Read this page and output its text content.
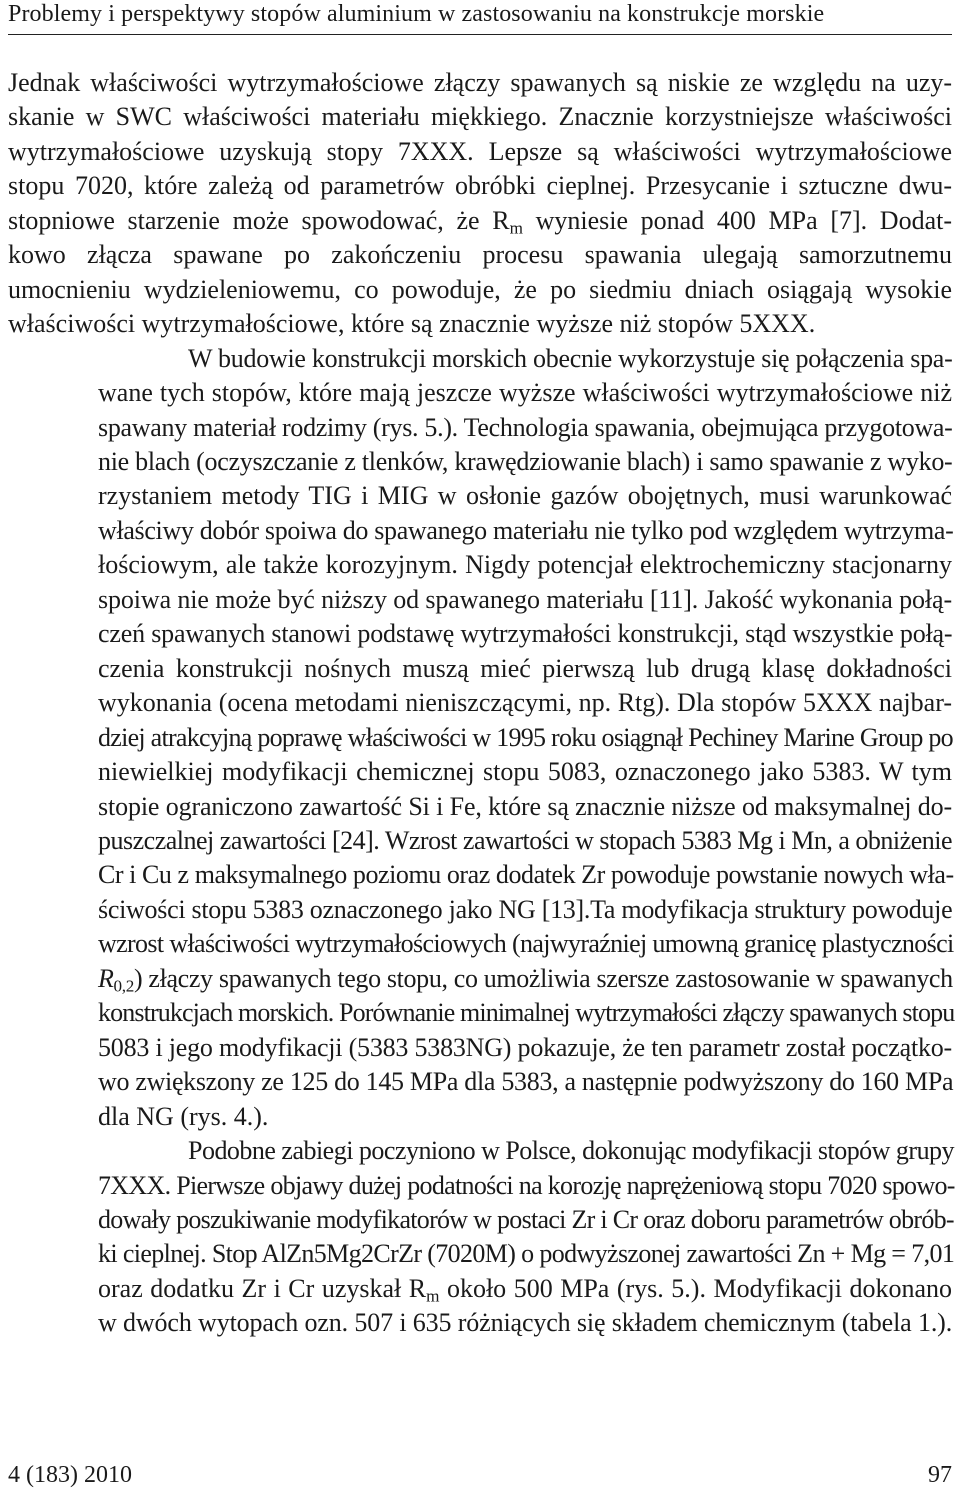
Problemy i perspektywy stopów aluminium w zastosowaniu na konstrukcje morskie

Jednak właściwości wytrzymałościowe złączy spawanych są niskie ze względu na uzy-
skanie w SWC właściwości materiału miękkiego. Znacznie korzystniejsze właściwości
wytrzymałościowe uzyskują stopy 7XXX. Lepsze są właściwości wytrzymałościowe
stopu 7020, które zależą od parametrów obróbki cieplnej. Przesycanie i sztuczne dwu-
stopniowe starzenie może spowodować, że $R_m$ wyniesie ponad 400 MPa [7]. Dodat-
kowo złącza spawane po zakończeniu procesu spawania ulegają samorzutnemu
umocnieniu wydzieleniowemu, co powoduje, że po siedmiu dniach osiągają wysokie
właściwości wytrzymałościowe, które są znacznie wyższe niż stopów 5XXX.

W budowie konstrukcji morskich obecnie wykorzystuje się połączenia spa-
wane tych stopów, które mają jeszcze wyższe właściwości wytrzymałościowe niż
spawany materiał rodzimy (rys. 5.). Technologia spawania, obejmująca przygotowa-
nie blach (oczyszczanie z tlenków, krawędziowanie blach) i samo spawanie z wyko-
rzystaniem metody TIG i MIG w osłonie gazów obojętnych, musi warunkować
właściwy dobór spoiwa do spawanego materiału nie tylko pod względem wytrzyma-
łościowym, ale także korozyjnym. Nigdy potencjał elektrochemiczny stacjonarny
spoiwa nie może być niższy od spawanego materiału [11]. Jakość wykonania połą-
czeń spawanych stanowi podstawę wytrzymałości konstrukcji, stąd wszystkie połą-
czenia konstrukcji nośnych muszą mieć pierwszą lub drugą klasę dokładności
wykonania (ocena metodami nieniszczącymi, np. Rtg). Dla stopów 5XXX najbar-
dziej atrakcyjną poprawę właściwości w 1995 roku osiągnął Pechiney Marine Group po
niewielkiej modyfikacji chemicznej stopu 5083, oznaczonego jako 5383. W tym
stopie ograniczono zawartość Si i Fe, które są znacznie niższe od maksymalnej do-
puszczalnej zawartości [24]. Wzrost zawartości w stopach 5383 Mg i Mn, a obniżenie
Cr i Cu z maksymalnego poziomu oraz dodatek Zr powoduje powstanie nowych wła-
ściwości stopu 5383 oznaczonego jako NG [13].Ta modyfikacja struktury powoduje
wzrost właściwości wytrzymałościowych (najwyraźniej umowną granicę plastyczności
$R_{0,2}$) złączy spawanych tego stopu, co umożliwia szersze zastosowanie w spawanych
konstrukcjach morskich. Porównanie minimalnej wytrzymałości złączy spawanych stopu
5083 i jego modyfikacji (5383 5383NG) pokazuje, że ten parametr został początko-
wo zwiększony ze 125 do 145 MPa dla 5383, a następnie podwyższony do 160 MPa
dla NG (rys. 4.).

Podobne zabiegi poczyniono w Polsce, dokonując modyfikacji stopów grupy
7XXX. Pierwsze objawy dużej podatności na korozję naprężeniową stopu 7020 spowo-
dowały poszukiwanie modyfikatorów w postaci Zr i Cr oraz doboru parametrów obrób-
ki cieplnej. Stop AlZn5Mg2CrZr (7020M) o podwyższonej zawartości Zn + Mg = 7,01
oraz dodatku Zr i Cr uzyskał $R_m$ około 500 MPa (rys. 5.). Modyfikacji dokonano
w dwóch wytopach ozn. 507 i 635 różniących się składem chemicznym (tabela 1.).

4 (183) 2010	97
